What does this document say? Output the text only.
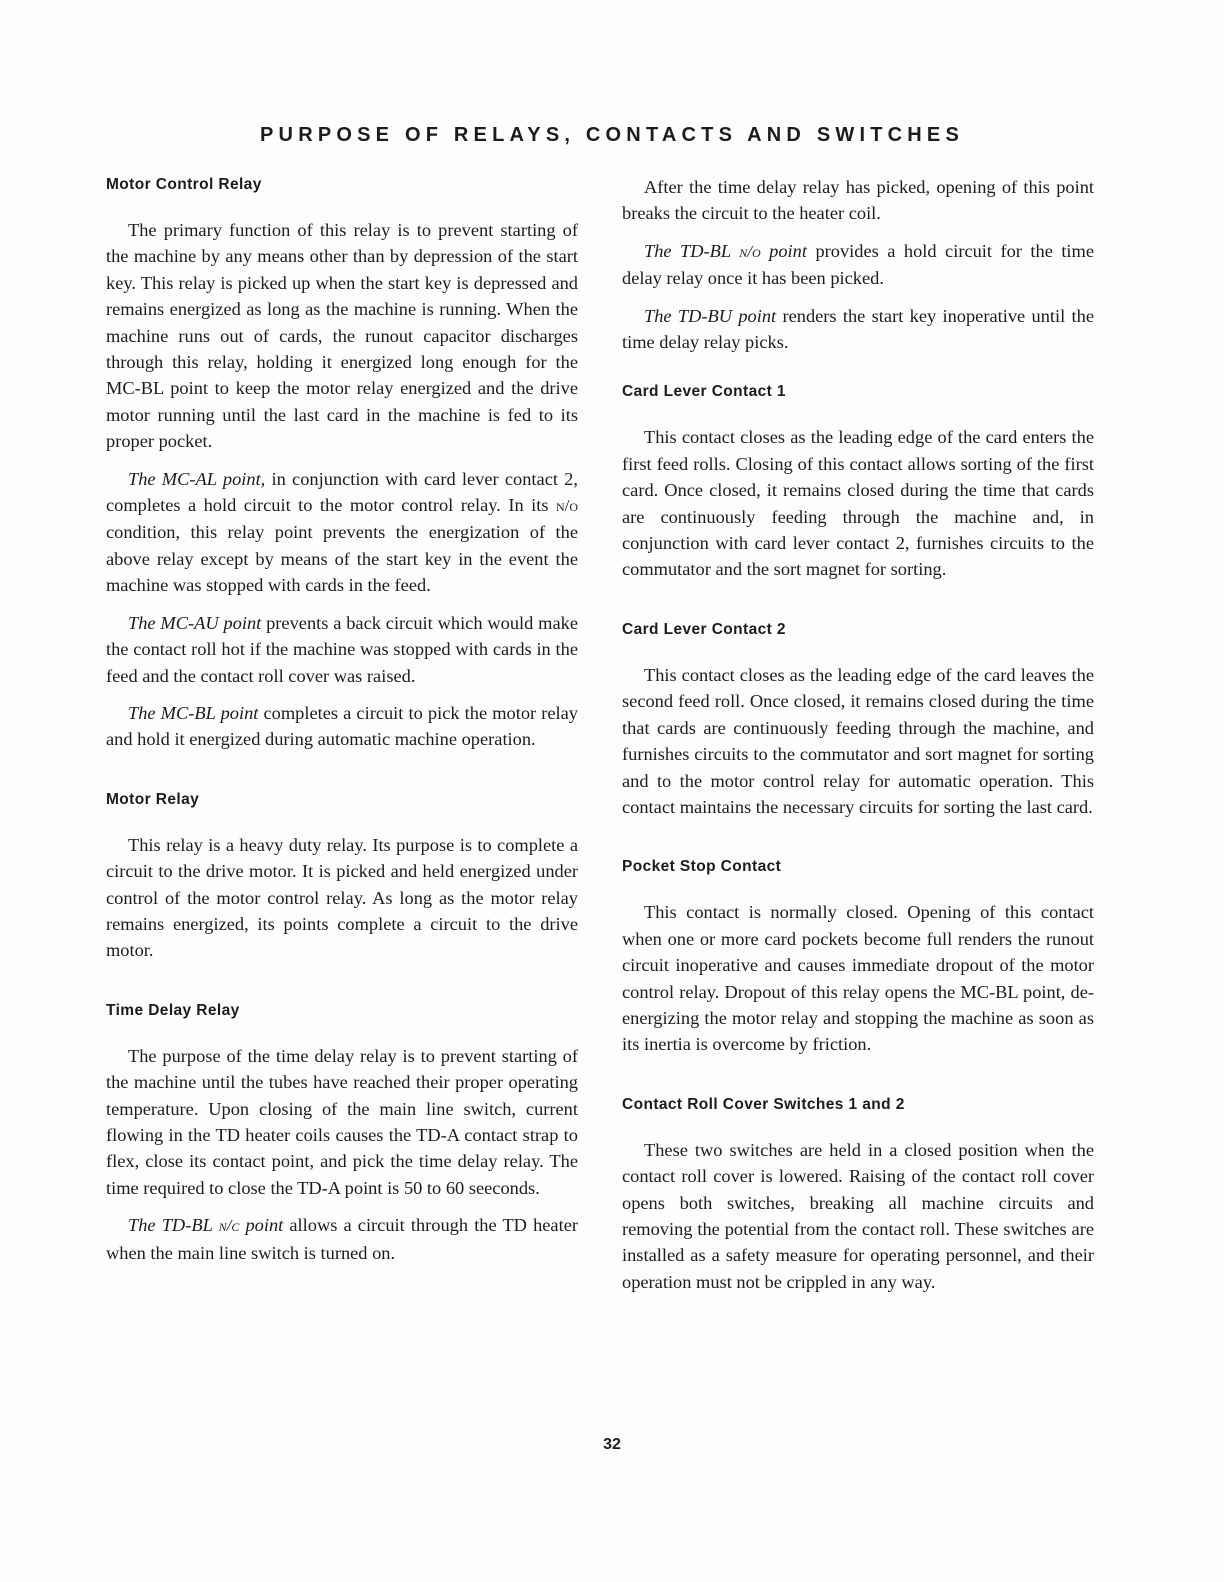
PURPOSE OF RELAYS, CONTACTS AND SWITCHES
Motor Control Relay

The primary function of this relay is to prevent starting of the machine by any means other than by depression of the start key. This relay is picked up when the start key is depressed and remains energized as long as the machine is running. When the machine runs out of cards, the runout capacitor discharges through this relay, holding it energized long enough for the MC-BL point to keep the motor relay energized and the drive motor running until the last card in the machine is fed to its proper pocket.

The MC-AL point, in conjunction with card lever contact 2, completes a hold circuit to the motor control relay. In its n/o condition, this relay point prevents the energization of the above relay except by means of the start key in the event the machine was stopped with cards in the feed.

The MC-AU point prevents a back circuit which would make the contact roll hot if the machine was stopped with cards in the feed and the contact roll cover was raised.

The MC-BL point completes a circuit to pick the motor relay and hold it energized during automatic machine operation.

Motor Relay

This relay is a heavy duty relay. Its purpose is to complete a circuit to the drive motor. It is picked and held energized under control of the motor control relay. As long as the motor relay remains energized, its points complete a circuit to the drive motor.

Time Delay Relay

The purpose of the time delay relay is to prevent starting of the machine until the tubes have reached their proper operating temperature. Upon closing of the main line switch, current flowing in the TD heater coils causes the TD-A contact strap to flex, close its contact point, and pick the time delay relay. The time required to close the TD-A point is 50 to 60 seeconds.

The TD-BL n/c point allows a circuit through the TD heater when the main line switch is turned on.

After the time delay relay has picked, opening of this point breaks the circuit to the heater coil.

The TD-BL n/o point provides a hold circuit for the time delay relay once it has been picked.

The TD-BU point renders the start key inoperative until the time delay relay picks.

Card Lever Contact 1

This contact closes as the leading edge of the card enters the first feed rolls. Closing of this contact allows sorting of the first card. Once closed, it remains closed during the time that cards are continuously feeding through the machine and, in conjunction with card lever contact 2, furnishes circuits to the commutator and the sort magnet for sorting.

Card Lever Contact 2

This contact closes as the leading edge of the card leaves the second feed roll. Once closed, it remains closed during the time that cards are continuously feeding through the machine, and furnishes circuits to the commutator and sort magnet for sorting and to the motor control relay for automatic operation. This contact maintains the necessary circuits for sorting the last card.

Pocket Stop Contact

This contact is normally closed. Opening of this contact when one or more card pockets become full renders the runout circuit inoperative and causes immediate dropout of the motor control relay. Dropout of this relay opens the MC-BL point, de-energizing the motor relay and stopping the machine as soon as its inertia is overcome by friction.

Contact Roll Cover Switches 1 and 2

These two switches are held in a closed position when the contact roll cover is lowered. Raising of the contact roll cover opens both switches, breaking all machine circuits and removing the potential from the contact roll. These switches are installed as a safety measure for operating personnel, and their operation must not be crippled in any way.

32
